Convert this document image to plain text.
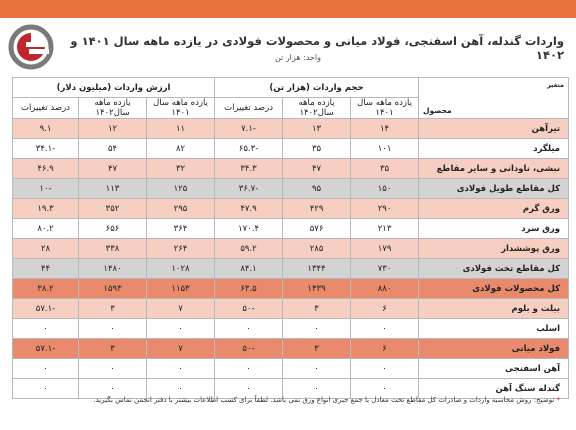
واردات گندله، آهن اسفنجی، فولاد میانی و محصولات فولادی در یازده ماهه سال ۱۴۰۱ و ۱۴۰۲
واحد: هزار تن
متغیر
محصول	حجم واردات (هزار تن)			ارزش واردات (میلیون دلار)		
	یازده ماهه سال ۱۴۰۱	یازده ماهه سال۱۴۰۲	درصد تغییرات	یازده ماهه سال ۱۴۰۱	یازده ماهه سال۱۴۰۲	درصد تغییرات
تیرآهن	۱۴	۱۳	-۷.۱	۱۱	۱۲	۹.۱
میلگرد	۱۰۱	۳۵	-۶۵.۳	۸۲	۵۴	-۳۴.۱
نبشی، ناودانی و سایر مقاطع	۳۵	۴۷	۳۴.۳	۳۲	۴۷	۴۶.۹
کل مقاطع طویل فولادی	۱۵۰	۹۵	-۳۶.۷	۱۲۵	۱۱۳	-۱۰
ورق گرم	۲۹۰	۴۲۹	۴۷.۹	۲۹۵	۳۵۲	۱۹.۳
ورق سرد	۲۱۳	۵۷۶	۱۷۰.۴	۳۶۴	۶۵۶	۸۰.۲
ورق پوششدار	۱۷۹	۲۸۵	۵۹.۲	۲۶۴	۳۳۸	۲۸
کل مقاطع تخت فولادی	۷۳۰	۱۳۴۴	۸۴.۱	۱۰۲۸	۱۴۸۰	۴۴
کل محصولات فولادی	۸۸۰	۱۴۳۹	۶۳.۵	۱۱۵۳	۱۵۹۳	۳۸.۲
بیلت و بلوم	۶	۳	-۵۰	۷	۳	-۵۷.۱
اسلب	۰	۰	۰	۰	۰	۰
فولاد میانی	۶	۳	-۵۰	۷	۳	-۵۷.۱
آهن اسفنجی	۰	۰	۰	۰	۰	۰
گندله سنگ آهن	۰	۰	۰	۰	۰	۰
* توضیح: روش محاسبه واردات و صادرات کل مقاطع تخت معادل با جمع جبری انواع ورق نمی باشد. لطفاً برای کسب اطلاعات بیشتر با دفتر انجمن تماس بگیرید.
